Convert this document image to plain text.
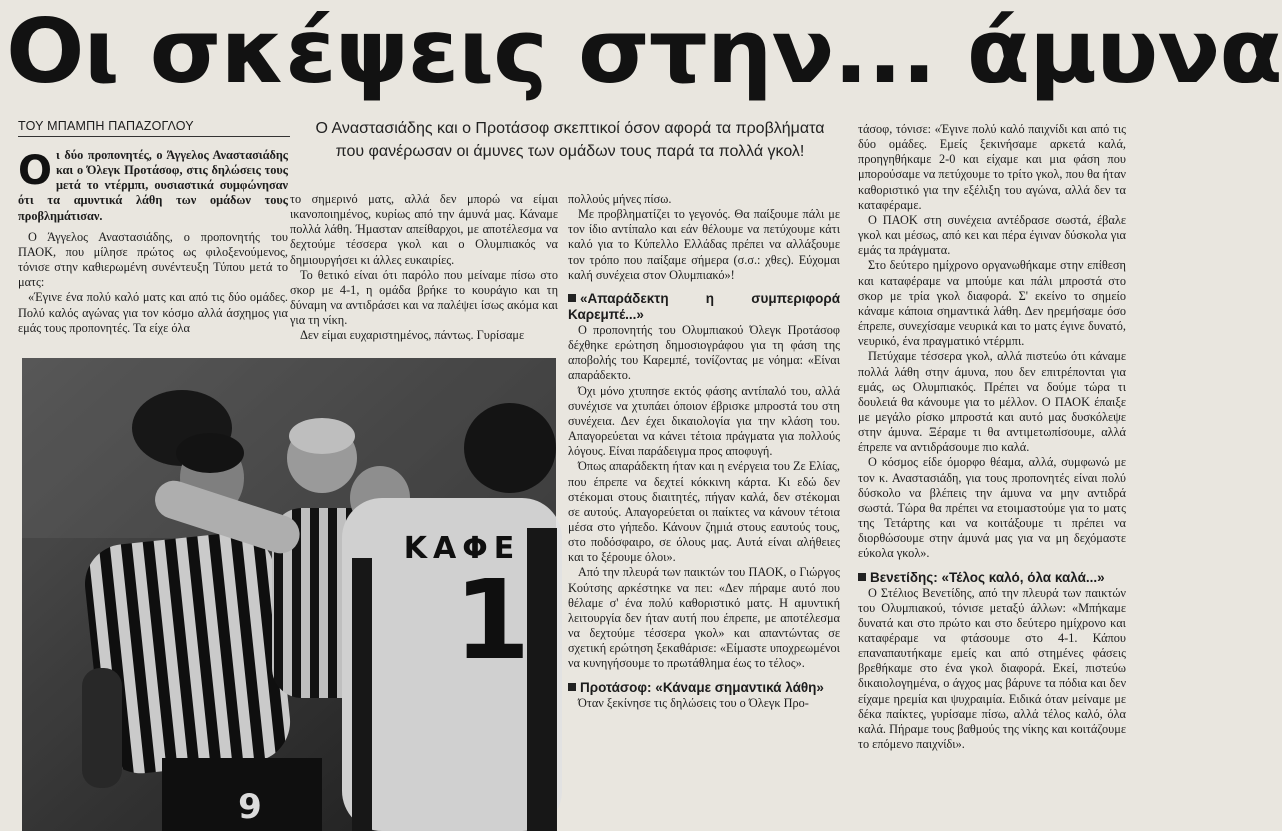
Οι σκέψεις στην... άμυνα
ΤΟΥ ΜΠΑΜΠΗ ΠΑΠΑΖΟΓΛΟΥ	Ο Αναστασιάδης και ο Προτάσοφ σκεπτικοί όσον αφορά τα προβλήματα που φανέρωσαν οι άμυνες των ομάδων τους παρά τα πολλά γκολ!

Οι δύο προπονητές, ο Άγγελος Αναστασιάδης και ο Όλεγκ Προτάσοφ, στις δηλώσεις τους μετά το ντέρμπι, ουσιαστικά συμφώνησαν ότι τα αμυντικά λάθη των ομάδων τους προβλημάτισαν.

Ο Άγγελος Αναστασιάδης, ο προπονητής του ΠΑΟΚ, που μίλησε πρώτος ως φιλοξενούμενος, τόνισε στην καθιερωμένη συνέντευξη Τύπου μετά το ματς:

«Έγινε ένα πολύ καλό ματς και από τις δύο ομάδες. Πολύ καλός αγώνας για τον κόσμο αλλά άσχημος για εμάς τους προπονητές. Τα είχε όλα

ΚΑΦΕ
1
9

το σημερινό ματς, αλλά δεν μπορώ να είμαι ικανοποιημένος, κυρίως από την άμυνά μας. Κάναμε πολλά λάθη. Ήμασταν απείθαρχοι, με αποτέλεσμα να δεχτούμε τέσσερα γκολ και ο Ολυμπιακός να δημιουργήσει κι άλλες ευκαιρίες.

Το θετικό είναι ότι παρόλο που μείναμε πίσω στο σκορ με 4-1, η ομάδα βρήκε το κουράγιο και τη δύναμη να αντιδράσει και να παλέψει ίσως ακόμα και για τη νίκη.

Δεν είμαι ευχαριστημένος, πάντως. Γυρίσαμε

πολλούς μήνες πίσω.

Με προβληματίζει το γεγονός. Θα παίξουμε πάλι με τον ίδιο αντίπαλο και εάν θέλουμε να πετύχουμε κάτι καλό για το Κύπελλο Ελλάδας πρέπει να αλλάξουμε τον τρόπο που παίξαμε σήμερα (σ.σ.: χθες). Εύχομαι καλή συνέχεια στον Ολυμπιακό»!

«Απαράδεκτη η συμπεριφορά Καρεμπέ...»

Ο προπονητής του Ολυμπιακού Όλεγκ Προτάσοφ δέχθηκε ερώτηση δημοσιογράφου για τη φάση της αποβολής του Καρεμπέ, τονίζοντας με νόημα: «Είναι απαράδεκτο.

Όχι μόνο χτυπησε εκτός φάσης αντίπαλό του, αλλά συνέχισε να χτυπάει όποιον έβρισκε μπροστά του στη συνέχεια. Δεν έχει δικαιολογία για την κλάση του. Απαγορεύεται να κάνει τέτοια πράγματα για πολλούς λόγους. Είναι παράδειγμα προς αποφυγή.

Όπως απαράδεκτη ήταν και η ενέργεια του Ζε Ελίας, που έπρεπε να δεχτεί κόκκινη κάρτα. Κι εδώ δεν στέκομαι στους διαιτητές, πήγαν καλά, δεν στέκομαι σε αυτούς. Απαγορεύεται οι παίκτες να κάνουν τέτοια μέσα στο γήπεδο. Κάνουν ζημιά στους εαυτούς τους, στο ποδόσφαιρο, σε όλους μας. Αυτά είναι αλήθειες και το ξέρουμε όλοι».

Από την πλευρά των παικτών του ΠΑΟΚ, ο Γιώργος Κούτσης αρκέστηκε να πει: «Δεν πήραμε αυτό που θέλαμε σ' ένα πολύ καθοριστικό ματς. Η αμυντική λειτουργία δεν ήταν αυτή που έπρεπε, με αποτέλεσμα να δεχτούμε τέσσερα γκολ» και απαντώντας σε σχετική ερώτηση ξεκαθάρισε: «Είμαστε υποχρεωμένοι να κυνηγήσουμε το πρωτάθλημα έως το τέλος».

Προτάσοφ: «Κάναμε σημαντικά λάθη»

Όταν ξεκίνησε τις δηλώσεις του ο Όλεγκ Προ-

τάσοφ, τόνισε: «Έγινε πολύ καλό παιχνίδι και από τις δύο ομάδες. Εμείς ξεκινήσαμε αρκετά καλά, προηγηθήκαμε 2-0 και είχαμε και μια φάση που μπορούσαμε να πετύχουμε το τρίτο γκολ, που θα ήταν καθοριστικό για την εξέλιξη του αγώνα, αλλά δεν τα καταφέραμε.

Ο ΠΑΟΚ στη συνέχεια αντέδρασε σωστά, έβαλε γκολ και μέσως, από κει και πέρα έγιναν δύσκολα για εμάς τα πράγματα.

Στο δεύτερο ημίχρονο οργανωθήκαμε στην επίθεση και καταφέραμε να μπούμε και πάλι μπροστά στο σκορ με τρία γκολ διαφορά. Σ' εκείνο το σημείο κάναμε κάποια σημαντικά λάθη. Δεν ηρεμήσαμε όσο έπρεπε, συνεχίσαμε νευρικά και το ματς έγινε δυνατό, νευρικό, ένα πραγματικό ντέρμπι.

Πετύχαμε τέσσερα γκολ, αλλά πιστεύω ότι κάναμε πολλά λάθη στην άμυνα, που δεν επιτρέπονται για εμάς, ως Ολυμπιακός. Πρέπει να δούμε τώρα τι δουλειά θα κάνουμε για το μέλλον. Ο ΠΑΟΚ έπαιξε με μεγάλο ρίσκο μπροστά και αυτό μας δυσκόλεψε στην άμυνα. Ξέραμε τι θα αντιμετωπίσουμε, αλλά έπρεπε να αντιδράσουμε πιο καλά.

Ο κόσμος είδε όμορφο θέαμα, αλλά, συμφωνώ με τον κ. Αναστασιάδη, για τους προπονητές είναι πολύ δύσκολο να βλέπεις την άμυνα να μην αντιδρά σωστά. Τώρα θα πρέπει να ετοιμαστούμε για το ματς της Τετάρτης και να κοιτάξουμε τι πρέπει να διορθώσουμε στην άμυνά μας για να μη δεχόμαστε εύκολα γκολ».

Βενετίδης: «Τέλος καλό, όλα καλά...»

Ο Στέλιος Βενετίδης, από την πλευρά των παικτών του Ολυμπιακού, τόνισε μεταξύ άλλων: «Μπήκαμε δυνατά και στο πρώτο και στο δεύτερο ημίχρονο και καταφέραμε να φτάσουμε στο 4-1. Κάπου επαναπαυτήκαμε εμείς και από στημένες φάσεις βρεθήκαμε στο ένα γκολ διαφορά. Εκεί, πιστεύω δικαιολογημένα, ο άγχος μας βάρυνε τα πόδια και δεν είχαμε ηρεμία και ψυχραιμία. Ειδικά όταν μείναμε με δέκα παίκτες, γυρίσαμε πίσω, αλλά τέλος καλό, όλα καλά. Πήραμε τους βαθμούς της νίκης και κοιτάζουμε το επόμενο παιχνίδι».
